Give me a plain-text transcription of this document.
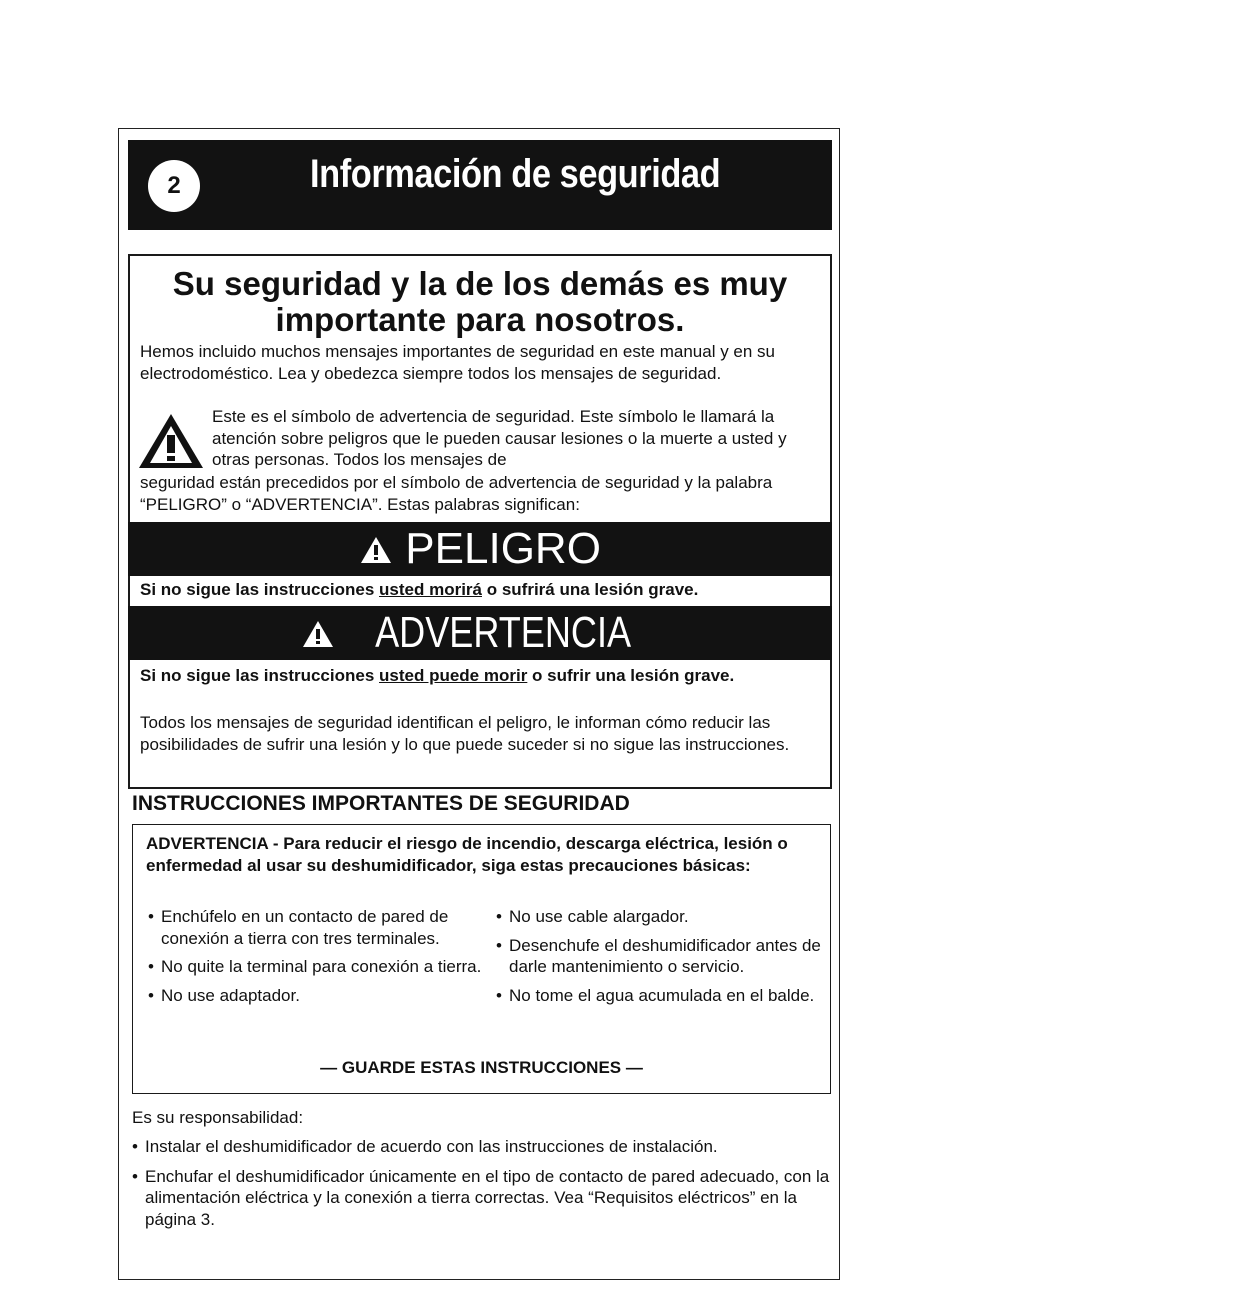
2	Información de seguridad
Su seguridad y la de los demás es muy
importante para nosotros.
Hemos incluido muchos mensajes importantes de seguridad en este manual y en su electrodoméstico. Lea y obedezca siempre todos los mensajes de seguridad.
Este es el símbolo de advertencia de seguridad. Este símbolo le llamará la atención sobre peligros que le pueden causar lesiones o la muerte a usted y otras personas. Todos los mensajes de
seguridad están precedidos por el símbolo de advertencia de seguridad y la palabra “PELIGRO” o “ADVERTENCIA”. Estas palabras significan:
PELIGRO
Si no sigue las instrucciones usted morirá o sufrirá una lesión grave.
ADVERTENCIA
Si no sigue las instrucciones usted puede morir o sufrir una lesión grave.
Todos los mensajes de seguridad identifican el peligro, le informan cómo reducir las posibilidades de sufrir una lesión y lo que puede suceder si no sigue las instrucciones.
INSTRUCCIONES IMPORTANTES DE SEGURIDAD
ADVERTENCIA - Para reducir el riesgo de incendio, descarga eléctrica, lesión o enfermedad al usar su deshumidificador, siga estas precauciones básicas:
• Enchúfelo en un contacto de pared de conexión a tierra con tres terminales.
• No quite la terminal para conexión a tierra.
• No use adaptador.
• No use cable alargador.
• Desenchufe el deshumidificador antes de darle mantenimiento o servicio.
• No tome el agua acumulada en el balde.
— GUARDE ESTAS INSTRUCCIONES —
Es su responsabilidad:
• Instalar el deshumidificador de acuerdo con las instrucciones de instalación.
• Enchufar el deshumidificador únicamente en el tipo de contacto de pared adecuado, con la alimentación eléctrica y la conexión a tierra correctas. Vea “Requisitos eléctricos” en la página 3.
